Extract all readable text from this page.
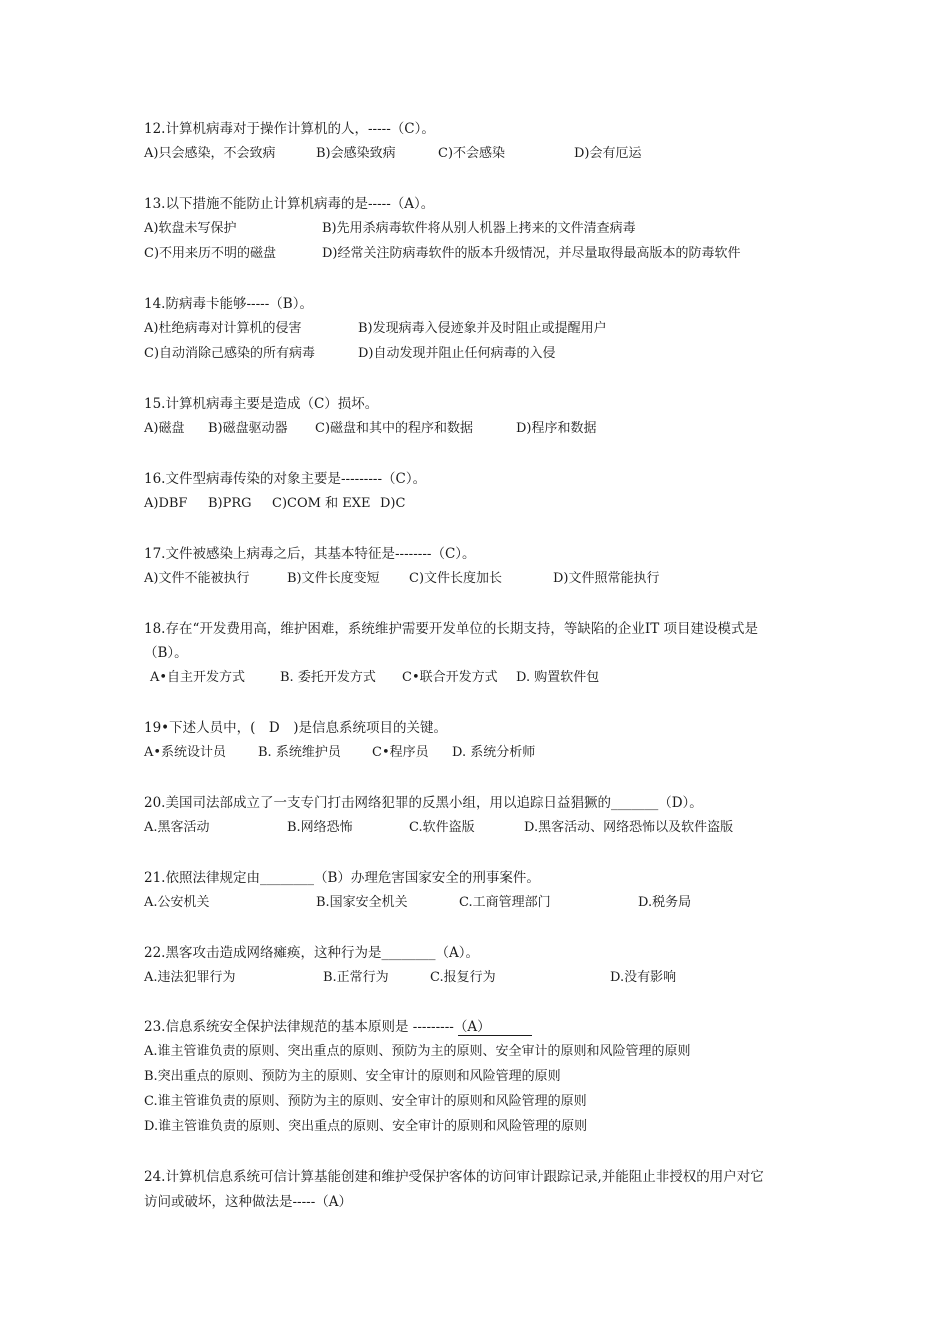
12.计算机病毒对于操作计算机的人，-----（C）。
A)只会感染，不会致病	B)会感染致病	C)不会感染	D)会有厄运
13.以下措施不能防止计算机病毒的是-----（A）。
A)软盘未写保护	B)先用杀病毒软件将从别人机器上拷来的文件清查病毒
C)不用来历不明的磁盘	D)经常关注防病毒软件的版本升级情况，并尽量取得最高版本的防毒软件
14.防病毒卡能够-----（B）。
A)杜绝病毒对计算机的侵害	B)发现病毒入侵迹象并及时阻止或提醒用户
C)自动消除己感染的所有病毒	D)自动发现并阻止任何病毒的入侵
15.计算机病毒主要是造成（C）损坏。
A)磁盘 B)磁盘驱动器 C)磁盘和其中的程序和数据	D)程序和数据
16.文件型病毒传染的对象主要是---------（C）。
A)DBF B)PRG C)COM 和 EXE D)C
17.文件被感染上病毒之后，其基本特征是--------（C）。
A)文件不能被执行	B)文件长度变短 C)文件长度加长	D)文件照常能执行
18.存在“开发费用高，维护困难，系统维护需要开发单位的长期支持，等缺陷的企业IT 项目建设模式是
（B）。
A•自主开发方式	B. 委托开发方式 C•联合开发方式 D. 购置软件包
19•下述人员中，(　D　)是信息系统项目的关键。
A•系统设计员 B. 系统维护员 C•程序员 D. 系统分析师
20.美国司法部成立了一支专门打击网络犯罪的反黑小组，用以追踪日益猖獗的_______（D）。
A.黑客活动	B.网络恐怖	C.软件盗版	D.黑客活动、网络恐怖以及软件盗版
21.依照法律规定由________（B）办理危害国家安全的刑事案件。
A.公安机关	B.国家安全机关	C.工商管理部门	D.税务局
22.黑客攻击造成网络瘫痪，这种行为是________（A）。
A.违法犯罪行为	B.正常行为	C.报复行为	D.没有影响
23.信息系统安全保护法律规范的基本原则是 ---------（A）
A.谁主管谁负责的原则、突出重点的原则、预防为主的原则、安全审计的原则和风险管理的原则
B.突出重点的原则、预防为主的原则、安全审计的原则和风险管理的原则
C.谁主管谁负责的原则、预防为主的原则、安全审计的原则和风险管理的原则
D.谁主管谁负责的原则、突出重点的原则、安全审计的原则和风险管理的原则
24.计算机信息系统可信计算基能创建和维护受保护客体的访问审计跟踪记录,并能阻止非授权的用户对它
访问或破坏，这种做法是-----（A）
